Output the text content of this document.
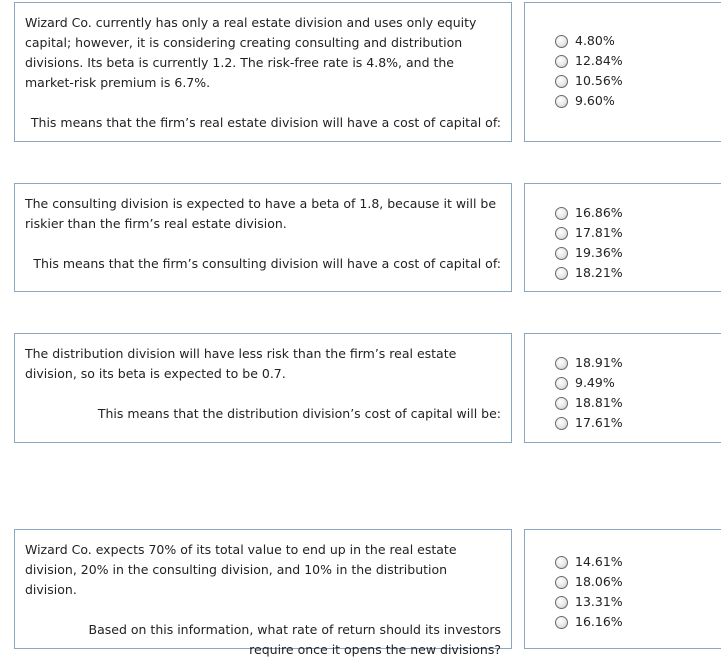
Wizard Co. currently has only a real estate division and uses only equity capital; however, it is considering creating consulting and distribution divisions. Its beta is currently 1.2. The risk-free rate is 4.8%, and the market-risk premium is 6.7%.

This means that the firm’s real estate division will have a cost of capital of:

4.80%
12.84%
10.56%
9.60%

The consulting division is expected to have a beta of 1.8, because it will be riskier than the firm’s real estate division.

This means that the firm’s consulting division will have a cost of capital of:

16.86%
17.81%
19.36%
18.21%

The distribution division will have less risk than the firm’s real estate division, so its beta is expected to be 0.7.

This means that the distribution division’s cost of capital will be:

18.91%
9.49%
18.81%
17.61%

Wizard Co. expects 70% of its total value to end up in the real estate division, 20% in the consulting division, and 10% in the distribution division.

Based on this information, what rate of return should its investors require once it opens the new divisions?

14.61%
18.06%
13.31%
16.16%
